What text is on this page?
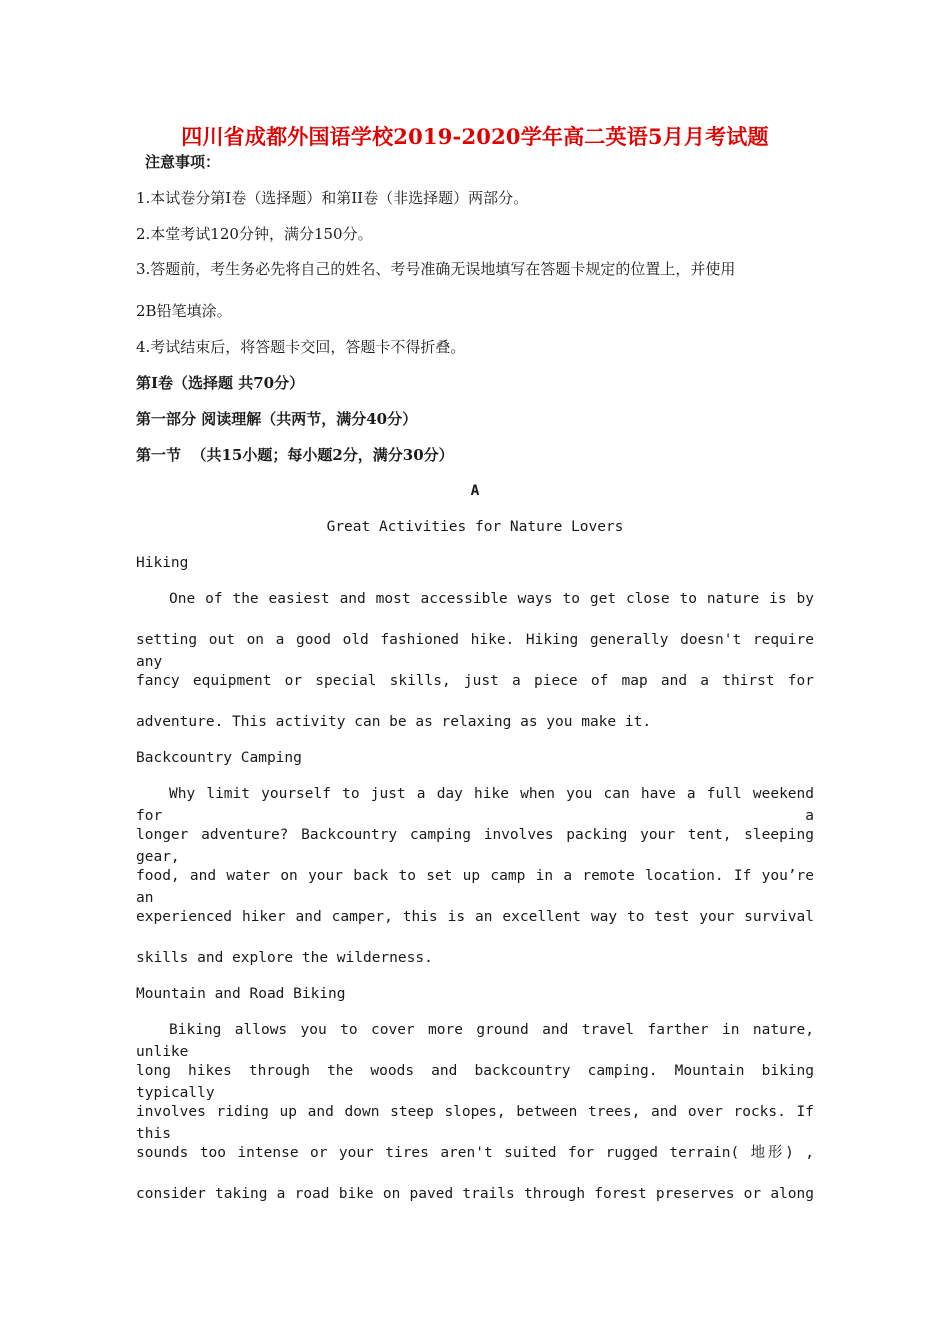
四川省成都外国语学校2019-2020学年高二英语5月月考试题
注意事项：
1.本试卷分第Ⅰ卷（选择题）和第II卷（非选择题）两部分。
2.本堂考试120分钟，满分150分。
3.答题前，考生务必先将自己的姓名、考号准确无误地填写在答题卡规定的位置上，并使用
2B铅笔填涂。
4.考试结束后，将答题卡交回，答题卡不得折叠。
第Ⅰ卷（选择题 共70分）
第一部分 阅读理解（共两节，满分40分）
第一节  （共15小题；每小题2分，满分30分）
A
Great Activities for Nature Lovers
Hiking
One of the easiest and most accessible ways to get close to nature is by
setting out on a good old fashioned hike. Hiking generally doesn't require any
fancy equipment or special skills, just a piece of map and a thirst for
adventure. This activity can be as relaxing as you make it.
Backcountry Camping
Why limit yourself to just a day hike when you can have a full weekend for a
longer adventure? Backcountry camping involves packing your tent, sleeping gear,
food, and water on your back to set up camp in a remote location. If you’re an
experienced hiker and camper, this is an excellent way to test your survival
skills and explore the wilderness.
Mountain and Road Biking
Biking allows you to cover more ground and travel farther in nature, unlike
long hikes through the woods and backcountry camping. Mountain biking typically
involves riding up and down steep slopes, between trees, and over rocks. If this
sounds too intense or your tires aren't suited for rugged terrain( 地形) ,
consider taking a road bike on paved trails through forest preserves or along
